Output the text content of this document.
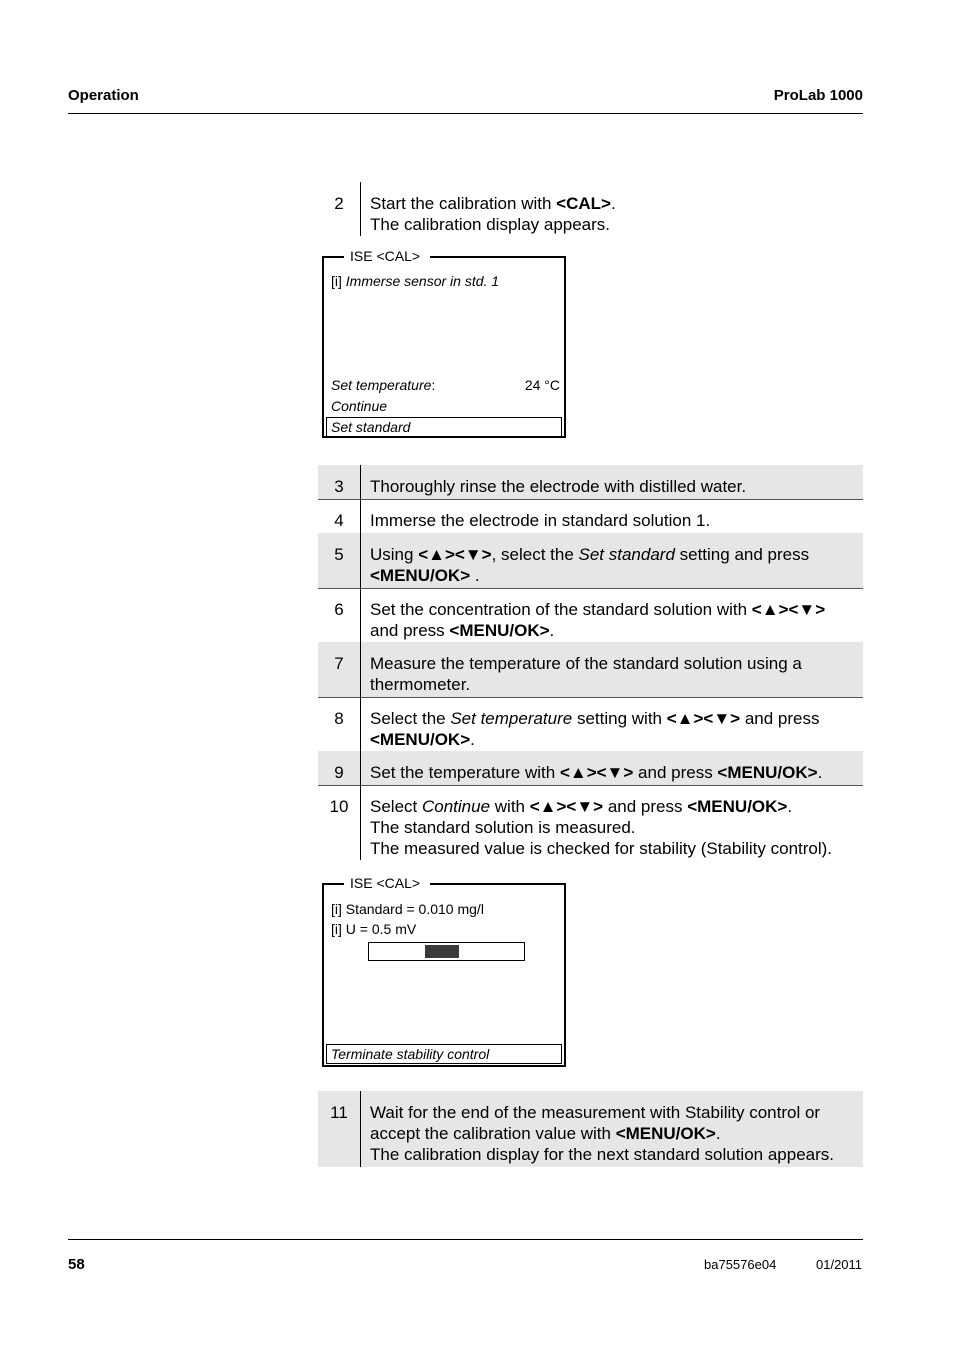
Operation	ProLab 1000
2	Start the calibration with <CAL>.

The calibration display appears.

ISE <CAL>
[i] Immerse sensor in std. 1
Set temperature:	24 °C
Continue
Set standard
3	Thoroughly rinse the electrode with distilled water.

4	Immerse the electrode in standard solution 1.

5	Using <▲><▼>, select the Set standard setting and press

<MENU/OK> .

6	Set the concentration of the standard solution with <▲><▼>

and press <MENU/OK>.

7	Measure the temperature of the standard solution using a

thermometer.

8	Select the Set temperature setting with <▲><▼> and press

<MENU/OK>.

9	Set the temperature with <▲><▼> and press <MENU/OK>.

10	Select Continue with <▲><▼> and press <MENU/OK>.

The standard solution is measured.

The measured value is checked for stability (Stability control).

ISE <CAL>
[i] Standard = 0.010 mg/l
[i] U = 0.5 mV
Terminate stability control
11	Wait for the end of the measurement with Stability control or

accept the calibration value with <MENU/OK>.

The calibration display for the next standard solution appears.

58	ba75576e04	01/2011
